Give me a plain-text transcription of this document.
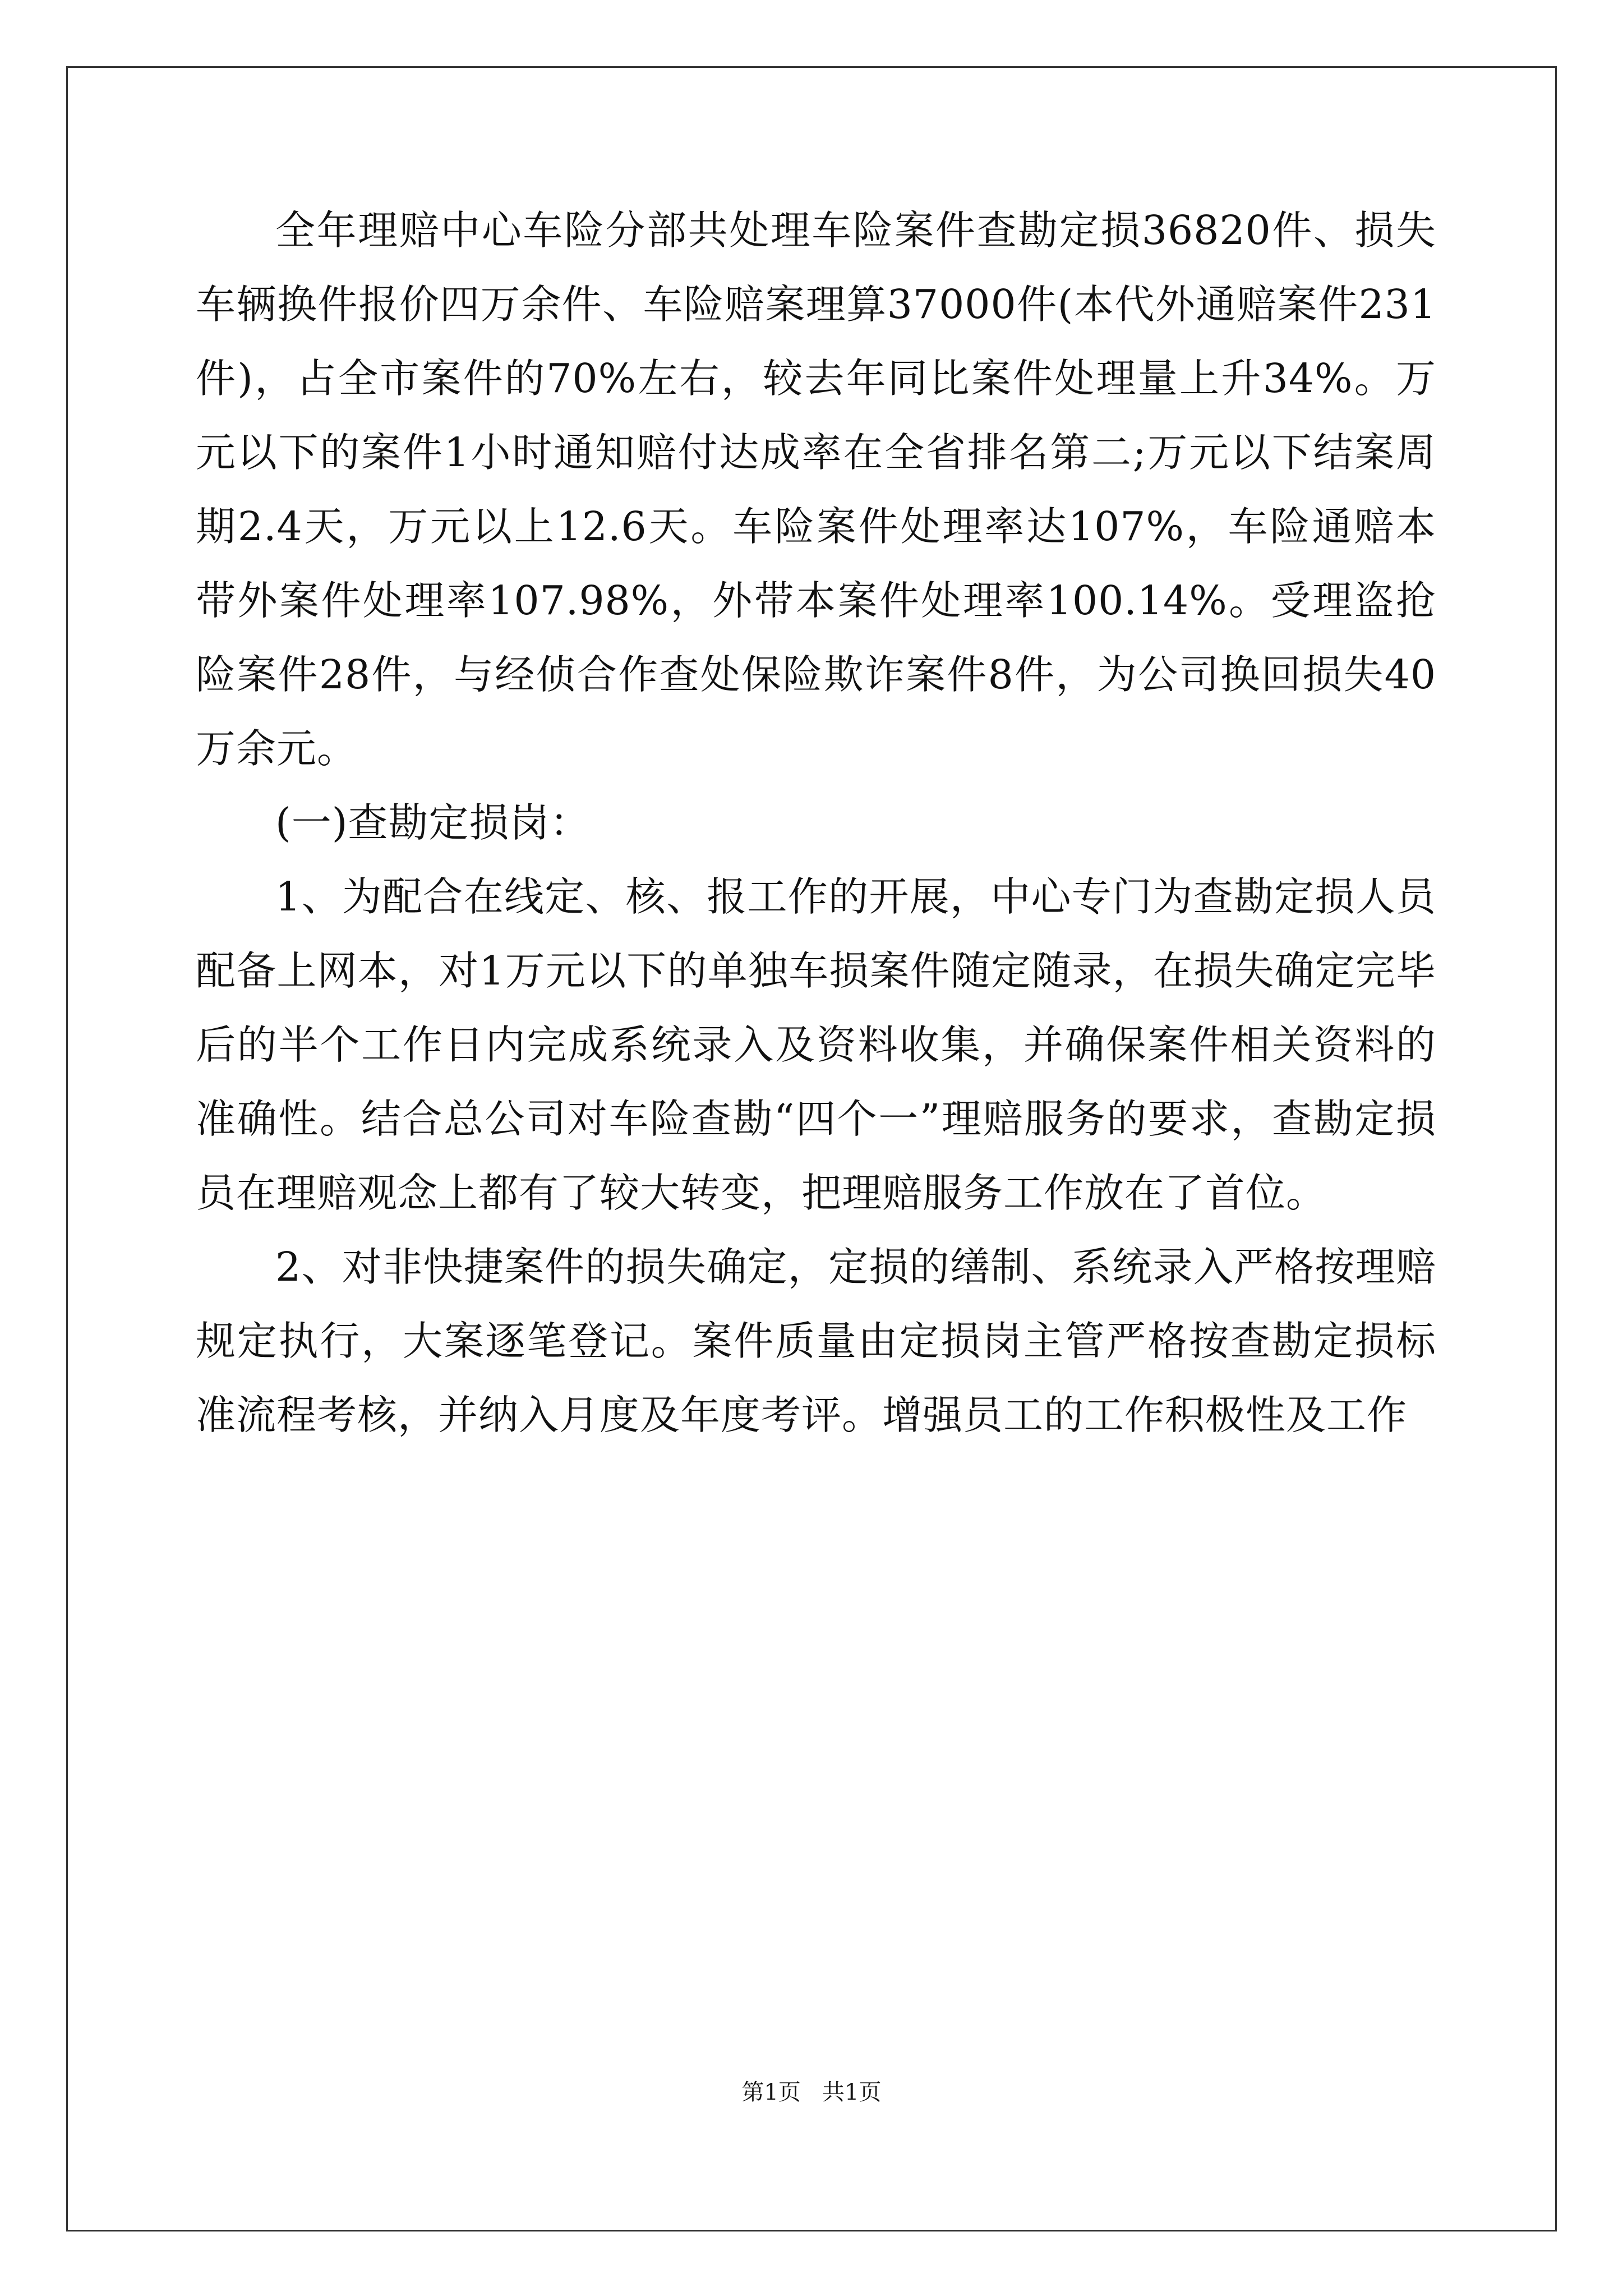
全年理赔中心车险分部共处理车险案件查勘定损36820件、损失车辆换件报价四万余件、车险赔案理算37000件(本代外通赔案件231件)，占全市案件的70%左右，较去年同比案件处理量上升34%。万元以下的案件1小时通知赔付达成率在全省排名第二;万元以下结案周期2.4天，万元以上12.6天。车险案件处理率达107%，车险通赔本带外案件处理率107.98%，外带本案件处理率100.14%。受理盗抢险案件28件，与经侦合作查处保险欺诈案件8件，为公司换回损失40万余元。

(一)查勘定损岗：

1、为配合在线定、核、报工作的开展，中心专门为查勘定损人员配备上网本，对1万元以下的单独车损案件随定随录，在损失确定完毕后的半个工作日内完成系统录入及资料收集，并确保案件相关资料的准确性。结合总公司对车险查勘“四个一”理赔服务的要求，查勘定损员在理赔观念上都有了较大转变，把理赔服务工作放在了首位。

2、对非快捷案件的损失确定，定损的缮制、系统录入严格按理赔规定执行，大案逐笔登记。案件质量由定损岗主管严格按查勘定损标准流程考核，并纳入月度及年度考评。增强员工的工作积极性及工作

第1页   共1页
